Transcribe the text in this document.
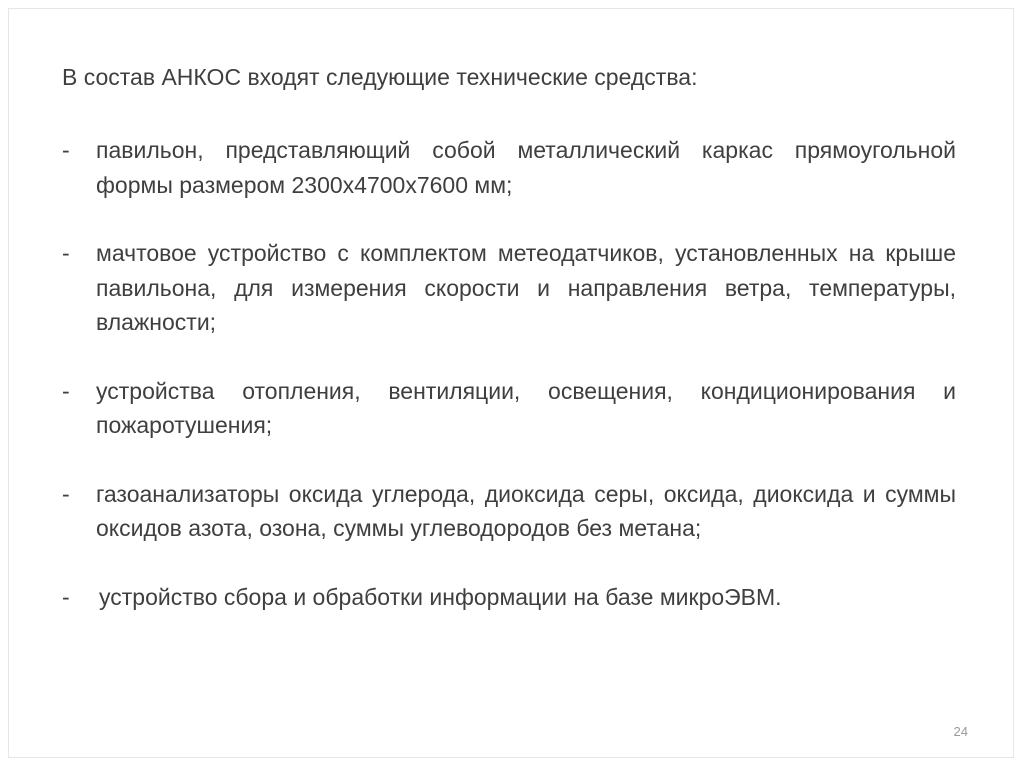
В состав АНКОС входят следующие технические средства:

-	павильон, представляющий собой металлический каркас прямоугольной формы размером 2300х4700х7600 мм;
-	мачтовое устройство с комплектом метеодатчиков, установленных на крыше павильона, для измерения скорости и направления ветра, температуры, влажности;
-	устройства отопления, вентиляции, освещения, кондиционирования и пожаротушения;
-	газоанализаторы оксида углерода, диоксида серы, оксида, диоксида и суммы оксидов азота, озона, суммы углеводородов без метана;
-	устройство сбора и обработки информации на базе микроЭВМ.
24
